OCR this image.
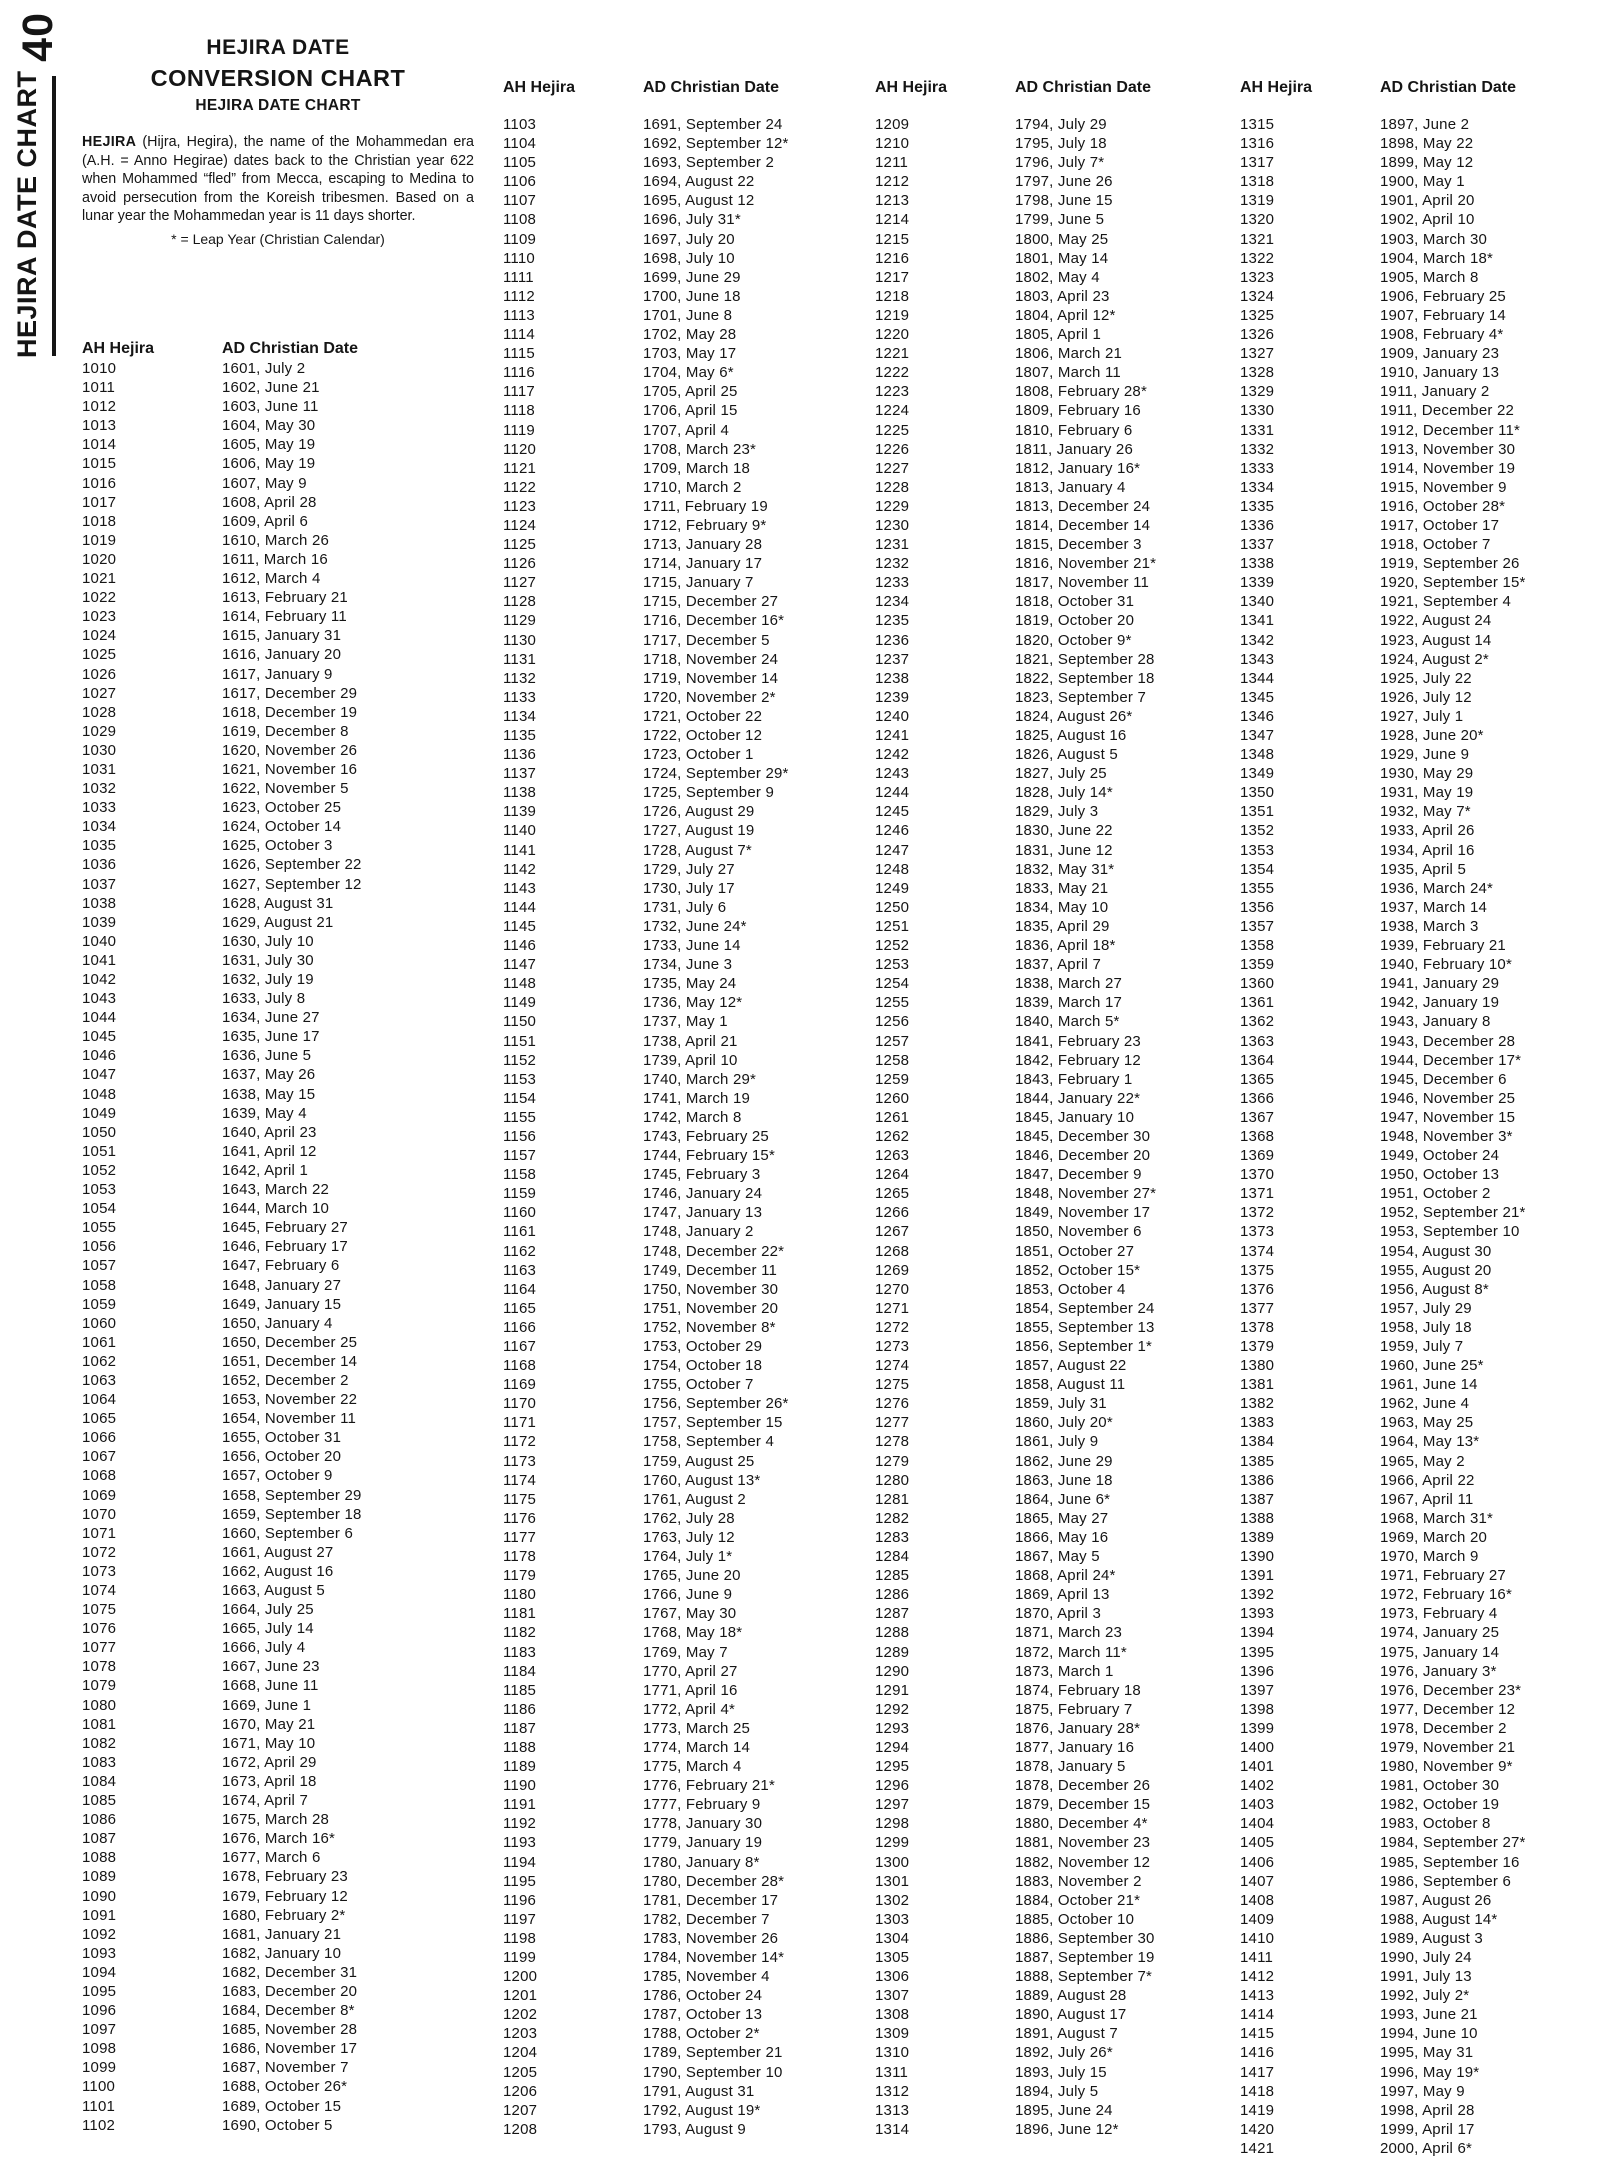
40
HEJIRA DATE CHART
HEJIRA DATE
CONVERSION CHART
HEJIRA DATE CHART

HEJIRA (Hijra, Hegira), the name of the Mohammedan era (A.H. = Anno Hegirae) dates back to the Christian year 622 when Mohammed “fled” from Mecca, escaping to Medina to avoid persecution from the Koreish tribesmen. Based on a lunar year the Mohammedan year is 11 days shorter.

* = Leap Year (Christian Calendar)
AH Hejira	AD Christian Date
1010	1601, July 2
1011	1602, June 21
1012	1603, June 11
1013	1604, May 30
1014	1605, May 19
1015	1606, May 19
1016	1607, May 9
1017	1608, April 28
1018	1609, April 6
1019	1610, March 26
1020	1611, March 16
1021	1612, March 4
1022	1613, February 21
1023	1614, February 11
1024	1615, January 31
1025	1616, January 20
1026	1617, January 9
1027	1617, December 29
1028	1618, December 19
1029	1619, December 8
1030	1620, November 26
1031	1621, November 16
1032	1622, November 5
1033	1623, October 25
1034	1624, October 14
1035	1625, October 3
1036	1626, September 22
1037	1627, September 12
1038	1628, August 31
1039	1629, August 21
1040	1630, July 10
1041	1631, July 30
1042	1632, July 19
1043	1633, July 8
1044	1634, June 27
1045	1635, June 17
1046	1636, June 5
1047	1637, May 26
1048	1638, May 15
1049	1639, May 4
1050	1640, April 23
1051	1641, April 12
1052	1642, April 1
1053	1643, March 22
1054	1644, March 10
1055	1645, February 27
1056	1646, February 17
1057	1647, February 6
1058	1648, January 27
1059	1649, January 15
1060	1650, January 4
1061	1650, December 25
1062	1651, December 14
1063	1652, December 2
1064	1653, November 22
1065	1654, November 11
1066	1655, October 31
1067	1656, October 20
1068	1657, October 9
1069	1658, September 29
1070	1659, September 18
1071	1660, September 6
1072	1661, August 27
1073	1662, August 16
1074	1663, August 5
1075	1664, July 25
1076	1665, July 14
1077	1666, July 4
1078	1667, June 23
1079	1668, June 11
1080	1669, June 1
1081	1670, May 21
1082	1671, May 10
1083	1672, April 29
1084	1673, April 18
1085	1674, April 7
1086	1675, March 28
1087	1676, March 16*
1088	1677, March 6
1089	1678, February 23
1090	1679, February 12
1091	1680, February 2*
1092	1681, January 21
1093	1682, January 10
1094	1682, December 31
1095	1683, December 20
1096	1684, December 8*
1097	1685, November 28
1098	1686, November 17
1099	1687, November 7
1100	1688, October 26*
1101	1689, October 15
1102	1690, October 5
AH Hejira	AD Christian Date
1103	1691, September 24
1104	1692, September 12*
1105	1693, September 2
1106	1694, August 22
1107	1695, August 12
1108	1696, July 31*
1109	1697, July 20
1110	1698, July 10
1111	1699, June 29
1112	1700, June 18
1113	1701, June 8
1114	1702, May 28
1115	1703, May 17
1116	1704, May 6*
1117	1705, April 25
1118	1706, April 15
1119	1707, April 4
1120	1708, March 23*
1121	1709, March 18
1122	1710, March 2
1123	1711, February 19
1124	1712, February 9*
1125	1713, January 28
1126	1714, January 17
1127	1715, January 7
1128	1715, December 27
1129	1716, December 16*
1130	1717, December 5
1131	1718, November 24
1132	1719, November 14
1133	1720, November 2*
1134	1721, October 22
1135	1722, October 12
1136	1723, October 1
1137	1724, September 29*
1138	1725, September 9
1139	1726, August 29
1140	1727, August 19
1141	1728, August 7*
1142	1729, July 27
1143	1730, July 17
1144	1731, July 6
1145	1732, June 24*
1146	1733, June 14
1147	1734, June 3
1148	1735, May 24
1149	1736, May 12*
1150	1737, May 1
1151	1738, April 21
1152	1739, April 10
1153	1740, March 29*
1154	1741, March 19
1155	1742, March 8
1156	1743, February 25
1157	1744, February 15*
1158	1745, February 3
1159	1746, January 24
1160	1747, January 13
1161	1748, January 2
1162	1748, December 22*
1163	1749, December 11
1164	1750, November 30
1165	1751, November 20
1166	1752, November 8*
1167	1753, October 29
1168	1754, October 18
1169	1755, October 7
1170	1756, September 26*
1171	1757, September 15
1172	1758, September 4
1173	1759, August 25
1174	1760, August 13*
1175	1761, August 2
1176	1762, July 28
1177	1763, July 12
1178	1764, July 1*
1179	1765, June 20
1180	1766, June 9
1181	1767, May 30
1182	1768, May 18*
1183	1769, May 7
1184	1770, April 27
1185	1771, April 16
1186	1772, April 4*
1187	1773, March 25
1188	1774, March 14
1189	1775, March 4
1190	1776, February 21*
1191	1777, February 9
1192	1778, January 30
1193	1779, January 19
1194	1780, January 8*
1195	1780, December 28*
1196	1781, December 17
1197	1782, December 7
1198	1783, November 26
1199	1784, November 14*
1200	1785, November 4
1201	1786, October 24
1202	1787, October 13
1203	1788, October 2*
1204	1789, September 21
1205	1790, September 10
1206	1791, August 31
1207	1792, August 19*
1208	1793, August 9
AH Hejira	AD Christian Date
1209	1794, July 29
1210	1795, July 18
1211	1796, July 7*
1212	1797, June 26
1213	1798, June 15
1214	1799, June 5
1215	1800, May 25
1216	1801, May 14
1217	1802, May 4
1218	1803, April 23
1219	1804, April 12*
1220	1805, April 1
1221	1806, March 21
1222	1807, March 11
1223	1808, February 28*
1224	1809, February 16
1225	1810, February 6
1226	1811, January 26
1227	1812, January 16*
1228	1813, January 4
1229	1813, December 24
1230	1814, December 14
1231	1815, December 3
1232	1816, November 21*
1233	1817, November 11
1234	1818, October 31
1235	1819, October 20
1236	1820, October 9*
1237	1821, September 28
1238	1822, September 18
1239	1823, September 7
1240	1824, August 26*
1241	1825, August 16
1242	1826, August 5
1243	1827, July 25
1244	1828, July 14*
1245	1829, July 3
1246	1830, June 22
1247	1831, June 12
1248	1832, May 31*
1249	1833, May 21
1250	1834, May 10
1251	1835, April 29
1252	1836, April 18*
1253	1837, April 7
1254	1838, March 27
1255	1839, March 17
1256	1840, March 5*
1257	1841, February 23
1258	1842, February 12
1259	1843, February 1
1260	1844, January 22*
1261	1845, January 10
1262	1845, December 30
1263	1846, December 20
1264	1847, December 9
1265	1848, November 27*
1266	1849, November 17
1267	1850, November 6
1268	1851, October 27
1269	1852, October 15*
1270	1853, October 4
1271	1854, September 24
1272	1855, September 13
1273	1856, September 1*
1274	1857, August 22
1275	1858, August 11
1276	1859, July 31
1277	1860, July 20*
1278	1861, July 9
1279	1862, June 29
1280	1863, June 18
1281	1864, June 6*
1282	1865, May 27
1283	1866, May 16
1284	1867, May 5
1285	1868, April 24*
1286	1869, April 13
1287	1870, April 3
1288	1871, March 23
1289	1872, March 11*
1290	1873, March 1
1291	1874, February 18
1292	1875, February 7
1293	1876, January 28*
1294	1877, January 16
1295	1878, January 5
1296	1878, December 26
1297	1879, December 15
1298	1880, December 4*
1299	1881, November 23
1300	1882, November 12
1301	1883, November 2
1302	1884, October 21*
1303	1885, October 10
1304	1886, September 30
1305	1887, September 19
1306	1888, September 7*
1307	1889, August 28
1308	1890, August 17
1309	1891, August 7
1310	1892, July 26*
1311	1893, July 15
1312	1894, July 5
1313	1895, June 24
1314	1896, June 12*
AH Hejira	AD Christian Date
1315	1897, June 2
1316	1898, May 22
1317	1899, May 12
1318	1900, May 1
1319	1901, April 20
1320	1902, April 10
1321	1903, March 30
1322	1904, March 18*
1323	1905, March 8
1324	1906, February 25
1325	1907, February 14
1326	1908, February 4*
1327	1909, January 23
1328	1910, January 13
1329	1911, January 2
1330	1911, December 22
1331	1912, December 11*
1332	1913, November 30
1333	1914, November 19
1334	1915, November 9
1335	1916, October 28*
1336	1917, October 17
1337	1918, October 7
1338	1919, September 26
1339	1920, September 15*
1340	1921, September 4
1341	1922, August 24
1342	1923, August 14
1343	1924, August 2*
1344	1925, July 22
1345	1926, July 12
1346	1927, July 1
1347	1928, June 20*
1348	1929, June 9
1349	1930, May 29
1350	1931, May 19
1351	1932, May 7*
1352	1933, April 26
1353	1934, April 16
1354	1935, April 5
1355	1936, March 24*
1356	1937, March 14
1357	1938, March 3
1358	1939, February 21
1359	1940, February 10*
1360	1941, January 29
1361	1942, January 19
1362	1943, January 8
1363	1943, December 28
1364	1944, December 17*
1365	1945, December 6
1366	1946, November 25
1367	1947, November 15
1368	1948, November 3*
1369	1949, October 24
1370	1950, October 13
1371	1951, October 2
1372	1952, September 21*
1373	1953, September 10
1374	1954, August 30
1375	1955, August 20
1376	1956, August 8*
1377	1957, July 29
1378	1958, July 18
1379	1959, July 7
1380	1960, June 25*
1381	1961, June 14
1382	1962, June 4
1383	1963, May 25
1384	1964, May 13*
1385	1965, May 2
1386	1966, April 22
1387	1967, April 11
1388	1968, March 31*
1389	1969, March 20
1390	1970, March 9
1391	1971, February 27
1392	1972, February 16*
1393	1973, February 4
1394	1974, January 25
1395	1975, January 14
1396	1976, January 3*
1397	1976, December 23*
1398	1977, December 12
1399	1978, December 2
1400	1979, November 21
1401	1980, November 9*
1402	1981, October 30
1403	1982, October 19
1404	1983, October 8
1405	1984, September 27*
1406	1985, September 16
1407	1986, September 6
1408	1987, August 26
1409	1988, August 14*
1410	1989, August 3
1411	1990, July 24
1412	1991, July 13
1413	1992, July 2*
1414	1993, June 21
1415	1994, June 10
1416	1995, May 31
1417	1996, May 19*
1418	1997, May 9
1419	1998, April 28
1420	1999, April 17
1421	2000, April 6*
